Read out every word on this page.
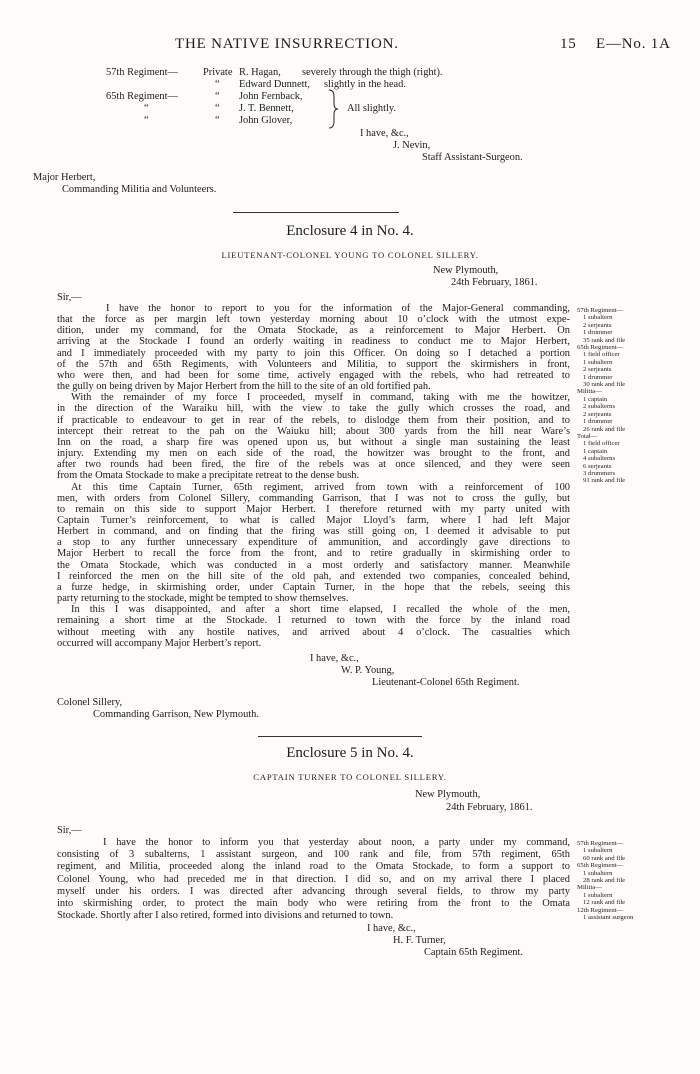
THE NATIVE INSURRECTION.	15 E—No. 1A
57th Regiment— Private R. Hagan, severely through the thigh (right).
“ Edward Dunnett, slightly in the head.
65th Regiment—	“ John Fernback,
“	“ J. T. Bennett,
“	“ John Glover,
All slightly.
I have, &c.,
J. Nevin,
Staff Assistant-Surgeon.
Major Herbert,
Commanding Militia and Volunteers.
Enclosure 4 in No. 4.
LIEUTENANT-COLONEL YOUNG TO COLONEL SILLERY.
New Plymouth,
24th February, 1861.
Sir,—
I have the honor to report to you for the information of the Major-General commanding,
that the force as per margin left town yesterday morning about 10 o’clock with the utmost expe-
dition, under my command, for the Omata Stockade, as a reinforcement to Major Herbert. On
arriving at the Stockade I found an orderly waiting in readiness to conduct me to Major Herbert,
and I immediately proceeded with my party to join this Officer. On doing so I detached a portion
of the 57th and 65th Regiments, with Volunteers and Militia, to support the skirmishers in front,
who were then, and had been for some time, actively engaged with the rebels, who had retreated to
the gully on being driven by Major Herbert from the hill to the site of an old fortified pah.
With the remainder of my force I proceeded, myself in command, taking with me the howitzer,
in the direction of the Waraiku hill, with the view to take the gully which crosses the road, and
if practicable to endeavour to get in rear of the rebels, to dislodge them from their position, and to
intercept their retreat to the pah on the Waiuku hill; about 300 yards from the hill near Ware’s
Inn on the road, a sharp fire was opened upon us, but without a single man sustaining the least
injury. Extending my men on each side of the road, the howitzer was brought to the front, and
after two rounds had been fired, the fire of the rebels was at once silenced, and they were seen
from the Omata Stockade to make a precipitate retreat to the dense bush.
At this time Captain Turner, 65th regiment, arrived from town with a reinforcement of 100
men, with orders from Colonel Sillery, commanding Garrison, that I was not to cross the gully, but
to remain on this side to support Major Herbert. I therefore returned with my party united with
Captain Turner’s reinforcement, to what is called Major Lloyd’s farm, where I had left Major
Herbert in command, and on finding that the firing was still going on, I deemed it advisable to put
a stop to any further unnecessary expenditure of ammunition, and accordingly gave directions to
Major Herbert to recall the force from the front, and to retire gradually in skirmishing order to
the Omata Stockade, which was conducted in a most orderly and satisfactory manner. Meanwhile
I reinforced the men on the hill site of the old pah, and extended two companies, concealed behind,
a furze hedge, in skirmishing order, under Captain Turner, in the hope that the rebels, seeing this
party returning to the stockade, might be tempted to show themselves.
In this I was disappointed, and after a short time elapsed, I recalled the whole of the men,
remaining a short time at the Stockade. I returned to town with the force by the inland road
without meeting with any hostile natives, and arrived about 4 o’clock. The casualties which
occurred will accompany Major Herbert’s report.
57th Regiment—
1 subaltern
2 serjeants
1 drummer
35 rank and file
65th Regiment—
1 field officer
1 subaltern
2 serjeants
1 drummer
30 rank and file
Militia—
1 captain
2 subalterns
2 serjeants
1 drummer
26 rank and file
Total—
1 field officer
1 captain
4 subalterns
6 serjeants
3 drummers
91 rank and file
I have, &c.,
W. P. Young,
Lieutenant-Colonel 65th Regiment.
Colonel Sillery,
Commanding Garrison, New Plymouth.
Enclosure 5 in No. 4.
CAPTAIN TURNER TO COLONEL SILLERY.
New Plymouth,
24th February, 1861.
Sir,—
I have the honor to inform you that yesterday about noon, a party under my command,
consisting of 3 subalterns, 1 assistant surgeon, and 100 rank and file, from 57th regiment, 65th
regiment, and Militia, proceeded along the inland road to the Omata Stockade, to form a support to
Colonel Young, who had preceded me in that direction. I did so, and on my arrival there I placed
myself under his orders. I was directed after advancing through several fields, to throw my party
into skirmishing order, to protect the main body who were retiring from the front to the Omata
Stockade. Shortly after I also retired, formed into divisions and returned to town.
57th Regiment—
1 subaltern
60 rank and file
65th Regiment—
1 subaltern
28 rank and file
Militia—
1 subaltern
12 rank and file
12th Regiment—
1 assistant surgeon
I have, &c.,
H. F. Turner,
Captain 65th Regiment.
